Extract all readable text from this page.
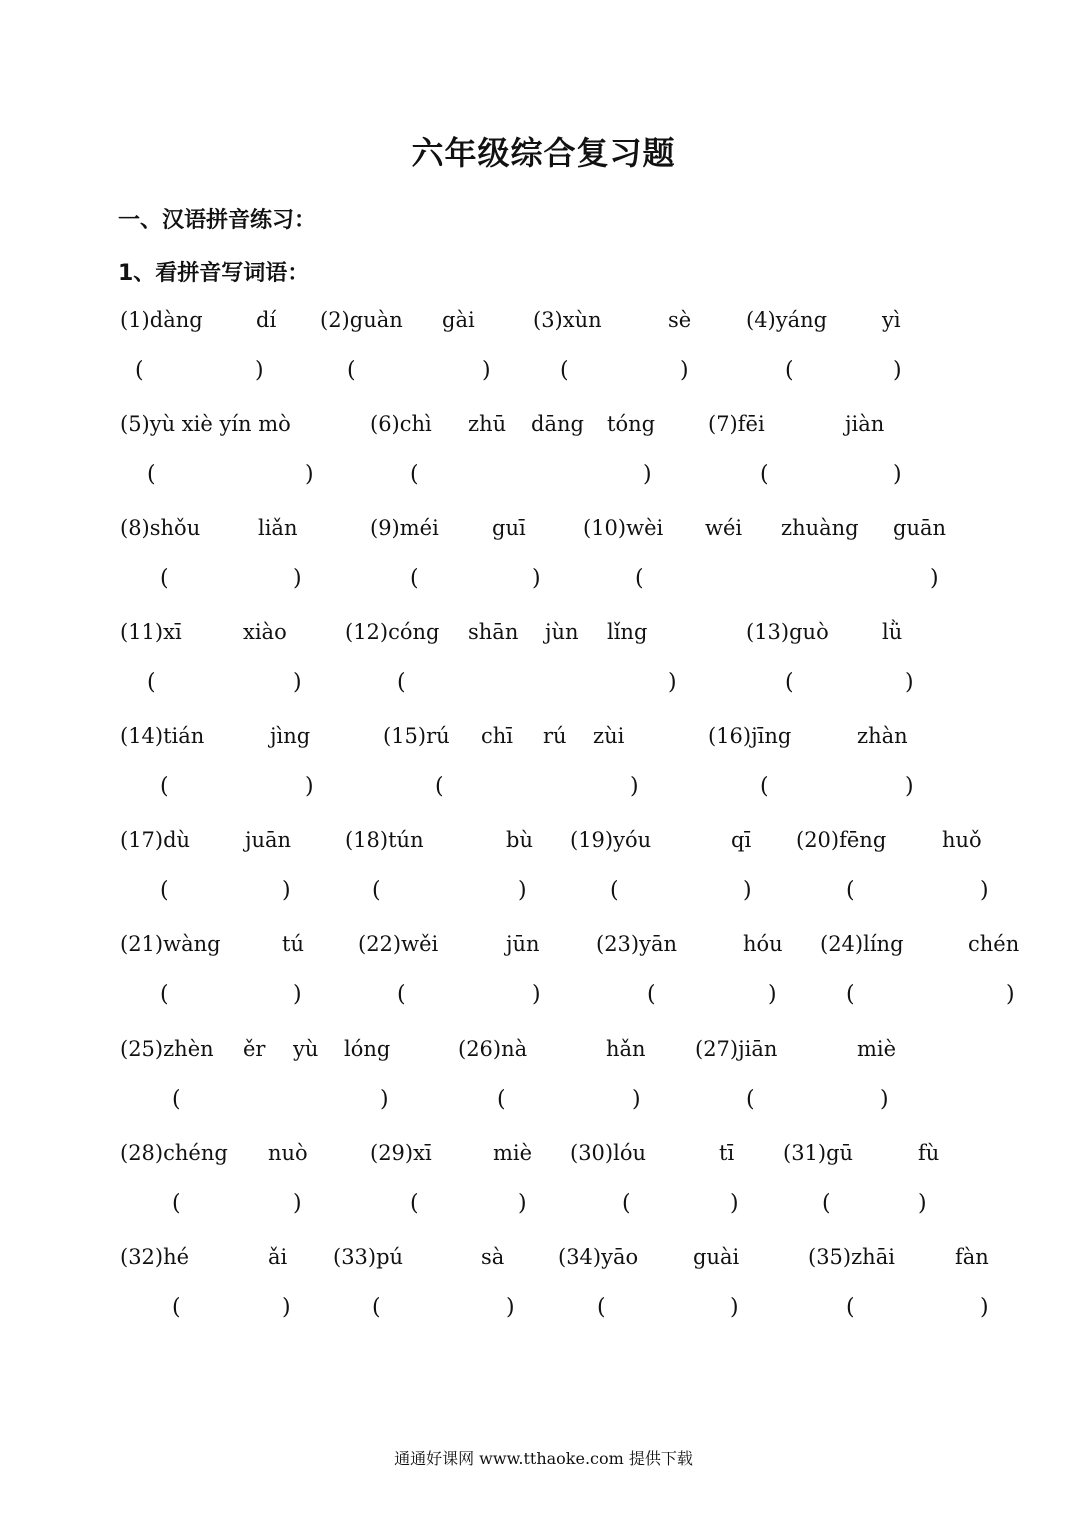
六年级综合复习题
一、汉语拼音练习：
1、看拼音写词语：
(1)dàng	dí
(	)
(2)guàn gài
(	)
(3)xùn	sè
(	)
(4)yáng	yì
(	)
(5)yù xiè yín mò
(	)
(6)chì zhū dāng tóng
(	)
(7)fēi	jiàn
(	)
(8)shǒu	liǎn
(	)
(9)méi	guī
(	)
(10)wèi wéi zhuàng guān
(	)
(11)xī	xiào
(	)
(12)cóng shān jùn lǐng
(	)
(13)guò	lǜ
(	)
(14)tián	jìng
(	)
(15)rú chī rú zùi
(	)
(16)jīng	zhàn
(	)
(17)dù	juān
(	)
(18)tún	bù
(	)
(19)yóu	qī
(	)
(20)fēng	huǒ
(	)
(21)wàng	tú
(	)
(22)wěi	jūn
(	)
(23)yān	hóu
(	)
(24)líng	chén
(	)
(25)zhèn ěr yù lóng
(	)
(26)nà	hǎn
(	)
(27)jiān	miè
(	)
(28)chéng nuò
(	)
(29)xī	miè
(	)
(30)lóu	tī
(	)
(31)gū	fù
(	)
(32)hé	ǎi
(	)
(33)pú	sà
(	)
(34)yāo	guài
(	)
(35)zhāi	fàn
(	)
通通好课网 www.tthaoke.com 提供下载
